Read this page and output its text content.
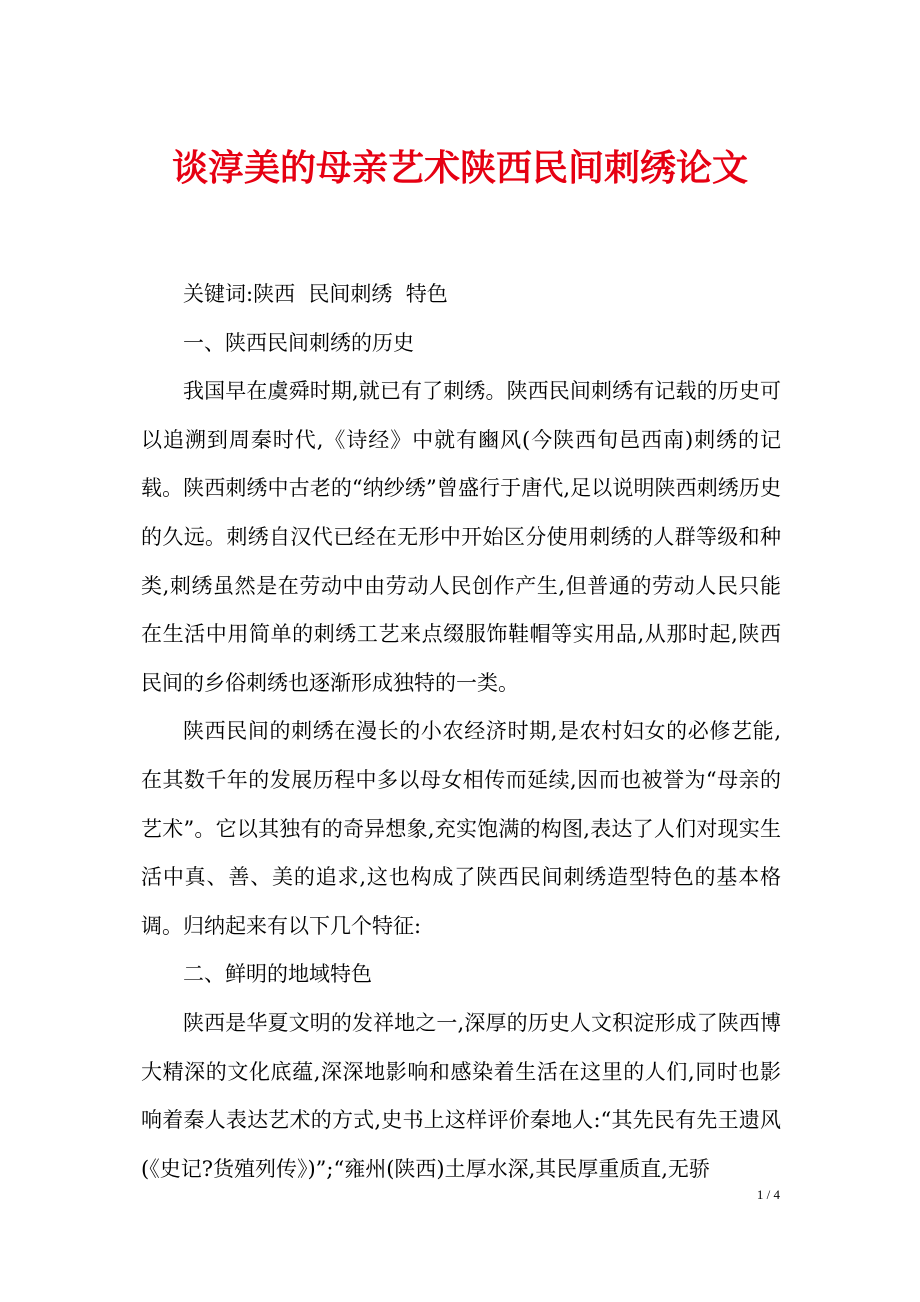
谈淳美的母亲艺术陕西民间刺绣论文

关键词:陕西  民间刺绣  特色

一、陕西民间刺绣的历史

我国早在虞舜时期,就已有了刺绣。陕西民间刺绣有记载的历史可以追溯到周秦时代,《诗经》中就有豳风(今陕西旬邑西南)刺绣的记载。陕西刺绣中古老的“纳纱绣”曾盛行于唐代,足以说明陕西刺绣历史的久远。刺绣自汉代已经在无形中开始区分使用刺绣的人群等级和种类,刺绣虽然是在劳动中由劳动人民创作产生,但普通的劳动人民只能在生活中用简单的刺绣工艺来点缀服饰鞋帽等实用品,从那时起,陕西民间的乡俗刺绣也逐渐形成独特的一类。

陕西民间的刺绣在漫长的小农经济时期,是农村妇女的必修艺能,在其数千年的发展历程中多以母女相传而延续,因而也被誉为“母亲的艺术”。它以其独有的奇异想象,充实饱满的构图,表达了人们对现实生活中真、善、美的追求,这也构成了陕西民间刺绣造型特色的基本格调。归纳起来有以下几个特征:

二、鲜明的地域特色

陕西是华夏文明的发祥地之一,深厚的历史人文积淀形成了陕西博大精深的文化底蕴,深深地影响和感染着生活在这里的人们,同时也影响着秦人表达艺术的方式,史书上这样评价秦地人:“其先民有先王遗风(《史记?货殖列传》)”;“雍州(陕西)土厚水深,其民厚重质直,无骄

1 / 4
